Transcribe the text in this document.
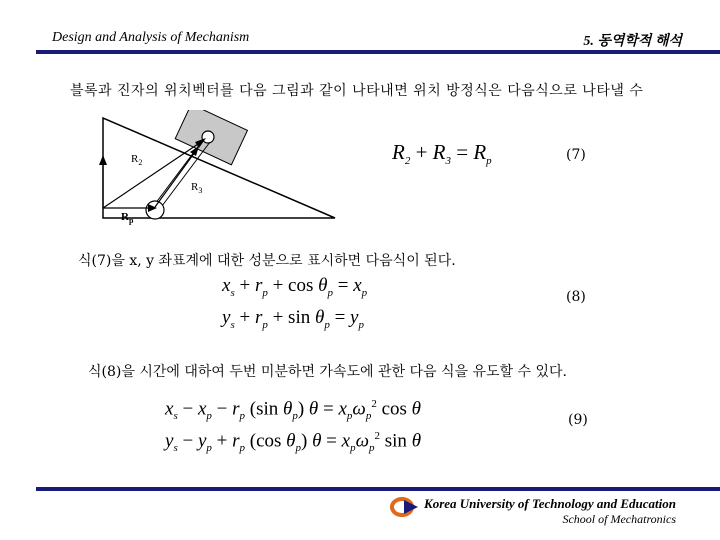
Design and Analysis of Mechanism	5. 동역학적 해석
블록과 진자의 위치벡터를 다음 그림과 같이 나타내면 위치 방정식은 다음식으로 나타낼 수
$R_2$
$R_3$
$R_p$
$R_2 + R_3 = R_p$	(7)
식(7)을 x, y 좌표계에 대한 성분으로 표시하면 다음식이 된다.
$x_s + r_p + \cos \theta_p = x_p$
$y_s + r_p + \sin \theta_p = y_p$
(8)
식(8)을 시간에 대하여 두번 미분하면 가속도에 관한 다음 식을 유도할 수 있다.
$x_s - x_p - r_p$ (sin $\theta_p$) $\theta = x_p\omega_p^2$ cos θ
$y_s - y_p + r_p$ (cos $\theta_p$) $\theta = x_p\omega_p^2$ sin θ
(9)
Korea University of Technology and Education
School of Mechatronics
